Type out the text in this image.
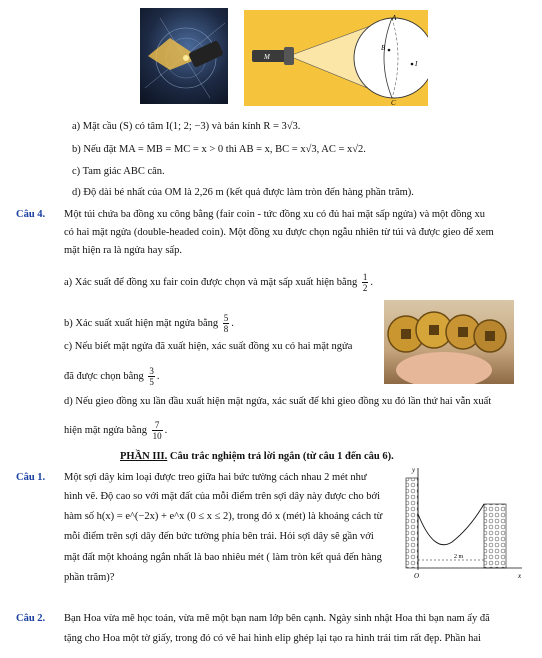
A
B
C
I
M
a) Mặt cầu (S) có tâm I(1; 2; −3) và bán kính R = 3√3.
b) Nếu đặt MA = MB = MC = x > 0 thì AB = x, BC = x√3, AC = x√2.
c) Tam giác ABC cân.
d) Độ dài bé nhất của OM là 2,26 m (kết quả được làm tròn đến hàng phần trăm).
Câu 4. Một túi chứa ba đồng xu công bằng (fair coin - tức đồng xu có đủ hai mặt sấp ngửa) và một đồng xu
có hai mặt ngửa (double-headed coin). Một đồng xu được chọn ngẫu nhiên từ túi và được gieo để xem
mặt hiện ra là ngửa hay sấp.
a) Xác suất để đồng xu fair coin được chọn và mặt sấp xuất hiện bằng $\frac{1}{2}$ .
b) Xác suất xuất hiện mặt ngửa bằng $\frac{5}{8}$ .
c) Nếu biết mặt ngửa đã xuất hiện, xác suất đồng xu có hai mặt ngửa
đã được chọn bằng $\frac{3}{5}$ .
d) Nếu gieo đồng xu lần đầu xuất hiện mặt ngửa, xác suất để khi gieo đồng xu đó lần thứ hai vẫn xuất
hiện mặt ngửa bằng $\frac{7}{10}$ .
PHẦN III. Câu trắc nghiệm trả lời ngắn (từ câu 1 đến câu 6).
Câu 1. Một sợi dây kim loại được treo giữa hai bức tường cách nhau 2 mét như
hình vẽ. Độ cao so với mặt đất của mỗi điểm trên sợi dây này được cho bởi
hàm số h(x) = e^(−2x) + e^x (0 ≤ x ≤ 2), trong đó x (mét) là khoảng cách từ
mỗi điểm trên sợi dây đến bức tường phía bên trái. Hỏi sợi dây sẽ gần với
mặt đất một khoảng ngắn nhất là bao nhiêu mét ( làm tròn kết quả đến hàng
phần trăm)?
2 m
y
x
O
Câu 2. Bạn Hoa vừa mê học toán, vừa mê một bạn nam lớp bên cạnh. Ngày sinh nhật Hoa thì bạn nam ấy đã
tặng cho Hoa một tờ giấy, trong đó có vẽ hai hình elip ghép lại tạo ra hình trái tim rất đẹp. Phần hai
